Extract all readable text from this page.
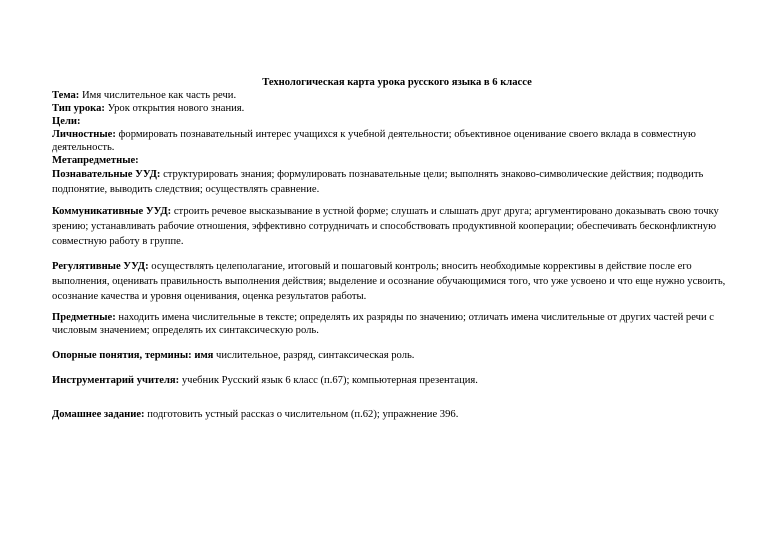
Технологическая карта урока русского языка в 6 классе
Тема: Имя числительное как часть речи.
Тип урока: Урок открытия нового знания.
Цели:
Личностные: формировать познавательный интерес учащихся к учебной деятельности; объективное оценивание своего вклада в совместную деятельность.
Метапредметные:
Познавательные УУД: структурировать знания; формулировать познавательные цели; выполнять знаково-символические действия; подводить подпонятие, выводить следствия; осуществлять сравнение.
Коммуникативные УУД: строить речевое высказывание в устной форме; слушать и слышать друг друга; аргументировано доказывать свою точку зрению; устанавливать рабочие отношения, эффективно сотрудничать и способствовать продуктивной кооперации; обеспечивать бесконфликтную совместную работу в группе.
Регулятивные УУД: осуществлять целеполагание, итоговый и пошаговый контроль; вносить необходимые коррективы в действие после его выполнения, оценивать правильность выполнения действия; выделение и осознание обучающимися того, что уже усвоено и что еще нужно усвоить, осознание качества и уровня оценивания, оценка результатов работы.
Предметные: находить имена числительные в тексте; определять их разряды по значению; отличать имена числительные от других частей речи с числовым значением; определять их синтаксическую роль.
Опорные понятия, термины: имя числительное, разряд, синтаксическая роль.
Инструментарий учителя: учебник Русский язык 6 класс (п.67); компьютерная презентация.
Домашнее задание: подготовить устный рассказ о числительном (п.62); упражнение 396.
